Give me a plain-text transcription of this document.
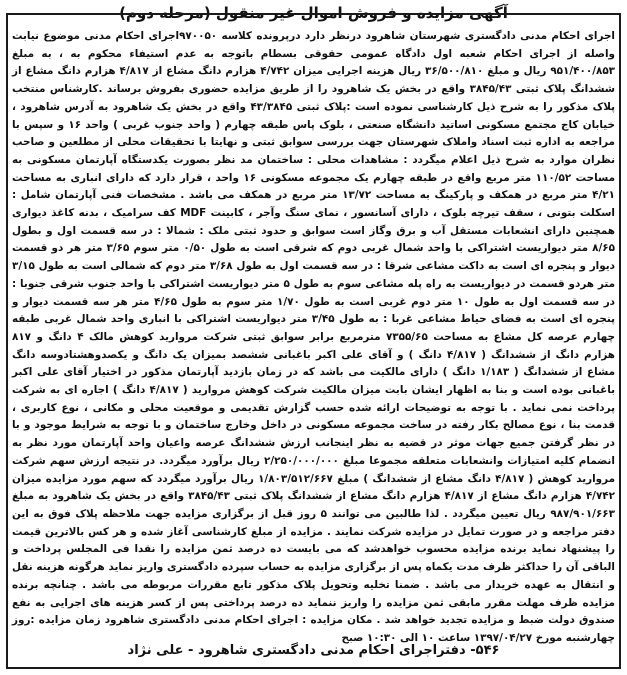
آگهی مزایده و فروش اموال غیر منقول (مرحله دوم)
اجرای احکام مدنی دادگستری شهرستان شاهرود درنظر دارد درپرونده کلاسه ۹۷۰۰۵۰اجرای احکام مدنی موضوع نیابت واصله از اجرای احکام شعبه اول دادگاه عمومی حقوقی بسطام باتوجه به عدم استیفاء محکوم به ، به مبلغ ۹۵۱/۴۰۰/۸۵۳ ریال و مبلغ ۳۶/۵۰۰/۸۱۰ ریال هزینه اجرایی میزان ۴/۷۴۲ هزارم دانگ مشاع از ۴/۸۱۷ هزارم دانگ مشاع از ششدانگ پلاک ثبتی ۳۸۴۵/۴۳ واقع در بخش یک شاهرود را از طریق مزایده حضوری بفروش برساند .کارشناس منتخب پلاک مذکور را به شرح ذیل کارشناسی نموده است :پلاک ثبتی ۴۳/۳۸۴۵ واقع در بخش یک شاهرود به آدرس شاهرود ، خیابان کاج مجتمع مسکونی اساتید دانشگاه صنعتی ، بلوک پاس طبقه چهارم ( واحد جنوب غربی ) واحد ۱۶ و سپس با مراجعه به اداره ثبت اسناد واملاک شهرستان جهت بررسی سوابق ثبتی و نهایتا با تحقیقات محلی از مطلعین و صاحب نظران موارد به شرح ذیل اعلام میگردد : مشاهدات محلی : ساختمان مد نظر بصورت یکدستگاه آپارتمان مسکونی به مساحت ۱۱۰/۵۲ متر مربع واقع در طبقه چهارم یک مجموعه مسکونی ۱۶ واحد ، قرار دارد که دارای انباری به مساحت ۴/۲۱ متر مربع در همکف و پارکینگ به مساحت ۱۳/۷۲ متر مربع در همکف می باشد . مشخصات فنی آپارتمان شامل : اسکلت بتونی ، سقف تیرچه بلوک ، دارای آسانسور ، نمای سنگ وآجر ، کابینت MDF کف سرامیک ، بدنه کاغذ دیواری همچنین دارای انشعابات مستقل آب و برق وگاز است سوابق و حدود ثبتی ملک : شمالا : در سه قسمت اول و بطول ۸/۶۵ متر دیواریست اشتراکی با واحد شمال غربی دوم که شرقی است به طول ۰/۵۰ متر سوم ۳/۶۵ متر هر دو قسمت دیوار و پنجره ای است به داکت مشاعی شرقا : در سه قسمت اول به طول ۳/۶۸ متر دوم که شمالی است به طول ۳/۱۵ متر هردو قسمت در دیواریست به راه پله مشاعی سوم به طول ۵ متر دیواریست اشتراکی با واحد جنوب شرقی جنوبا : در سه قسمت اول به طول ۱۰ متر دوم غربی است به طول ۱/۷۰ متر سوم به طول ۴/۶۵ متر هر سه قسمت دیوار و پنجره ای است به فضای حیاط مشاعی غربا : به طول ۳/۴۵ متر دیواریست اشتراکی با انباری واحد شمال غربی طبقه چهارم عرصه کل مشاع به مساحت ۷۳۵۵/۶۵ مترمربع برابر سوابق ثبتی شرکت مروارید کوهش مالک ۴ دانگ و ۸۱۷ هزارم دانگ از ششدانگ ( ۴/۸۱۷ دانگ ) و آقای علی اکبر باغبانی ششصد بمیزان یک دانگ و یکصدوهشتادوسه دانگ مشاع از ششدانگ ( ۱/۱۸۳ دانگ ) دارای مالکیت می باشد که در زمان بازدید آپارتمان مذکور در اختیار آقای علی اکبر باغبانی بوده است و بنا به اظهار ایشان بابت میزان مالکیت شرکت کوهش مروارید ( ۴/۸۱۷ دانگ ) اجاره ای به شرکت پرداخت نمی نماید . با توجه به توضیحات ارائه شده حسب گزارش تقدیمی و موقعیت محلی و مکانی ، نوع کاربری ، قدمت بنا ، نوع مصالح بکار رفته در ساخت مجموعه مسکونی در داخل وخارج ساختمان و با توجه به شرایط موجود و با در نظر گرفتن جمیع جهات موثر در قضیه به نظر اینجانب ارزش ششدانگ عرصه واعیان واحد آپارتمان مورد نظر به انضمام کلیه امتیازات وانشعابات متعلقه مجموعا مبلغ ۲/۲۵۰/۰۰۰/۰۰۰ ریال برآورد میگردد. در نتیجه ارزش سهم شرکت مروارید کوهش ( ۴/۸۱۷ دانگ مشاع از ششدانگ ) مبلغ ۱/۸۰۳/۵۱۲/۶۶۷ ریال برآورد میگردد که سهم مورد مزایده میزان ۴/۷۴۲ هزارم دانگ مشاع از ۴/۸۱۷ هزارم دانگ مشاع از ششدانگ پلاک ثبتی ۳۸۴۵/۴۳ واقع در بخش یک شاهرود به مبلغ ۹۸۷/۹۰۱/۶۶۳ ریال تعیین میگردد . لذا طالبین می توانند ۵ روز قبل از برگزاری مزایده جهت ملاحظه پلاک فوق به این دفتر مراجعه و در صورت تمایل در مزایده شرکت نمایند . مزایده از مبلغ کارشناسی آغاز شده و هر کس بالاترین قیمت را پیشنهاد نماید برنده مزایده محسوب خواهدشد که می بایست ده درصد ثمن مزایده را نقدا فی المجلس پرداخت و الباقی آن را حداکثر ظرف مدت یکماه پس از برگزاری مزایده به حساب سپرده دادگستری واریز نماید هرگونه هزینه نقل و انتقال به عهده خریدار می باشد . ضمنا تخلیه وتحویل پلاک مذکور تابع مقررات مربوطه می باشد . چنانچه برنده مزایده ظرف مهلت مقرر مابقی ثمن مزایده را واریز ننماید ده درصد پرداختی پس از کسر هزینه های اجرایی به نفع صندوق دولت ضبط و مزایده تجدید خواهد شد . مکان مزایده : اجرای احکام مدنی دادگستری شاهرود زمان مزایده :روز چهارشنبه مورخ ۱۳۹۷/۰۴/۲۷ ساعت ۱۰ الی ۱۰:۳۰ صبح
۵۴۶- دفتراجرای احکام مدنی دادگستری شاهرود - علی نژاد
